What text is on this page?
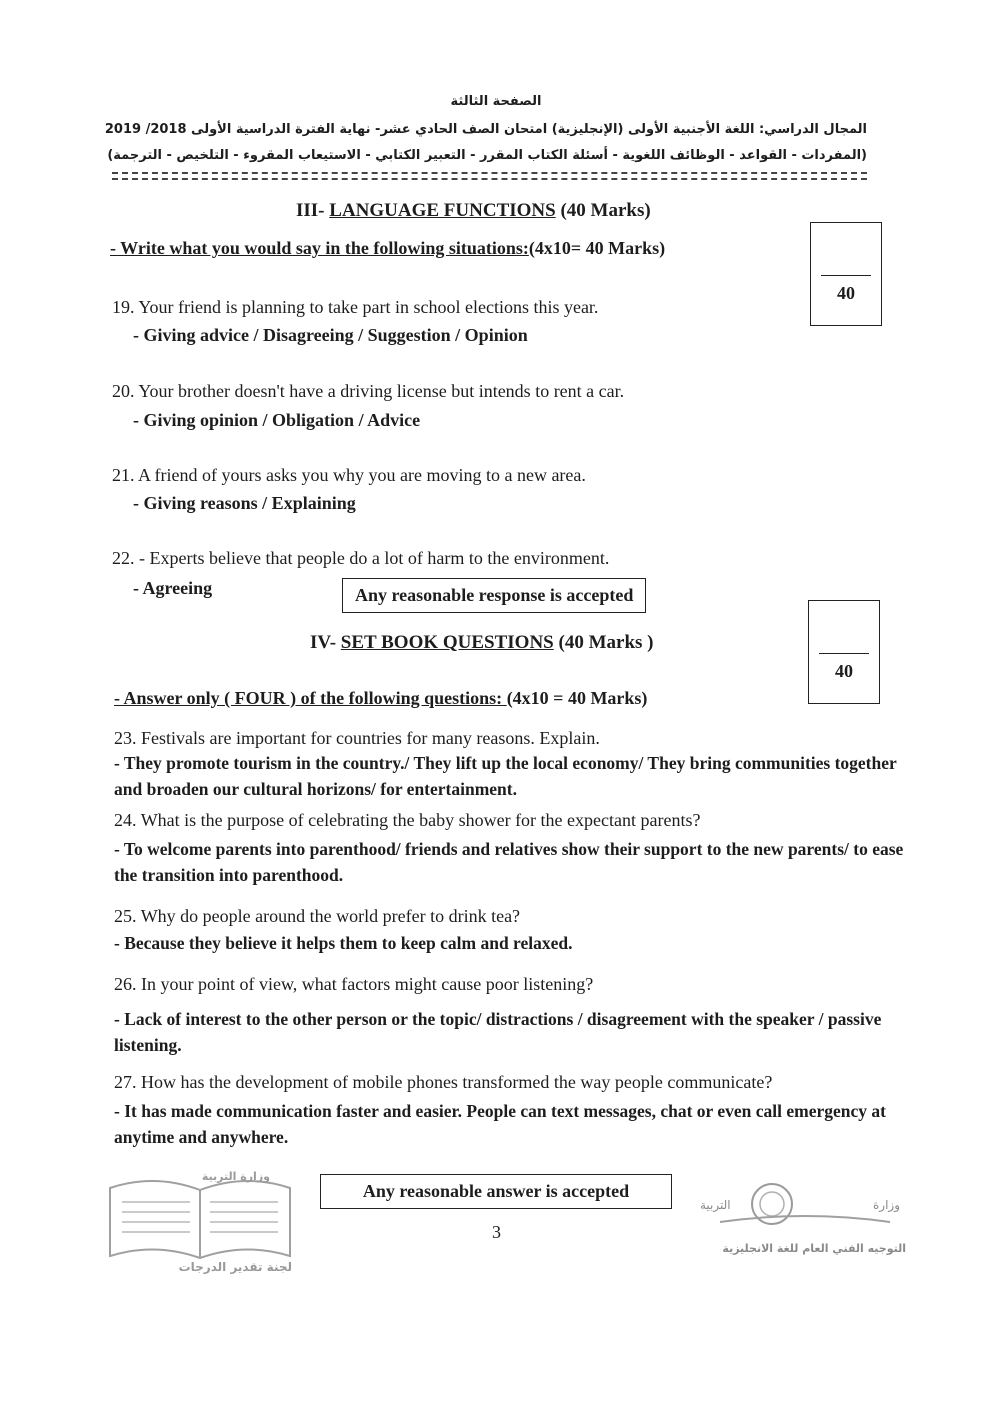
الصفحة الثالثة
المجال الدراسي: اللغة الأجنبية الأولى (الإنجليزية) امتحان الصف الحادي عشر- نهاية الفترة الدراسية الأولى 2018/ 2019
(المفردات - القواعد - الوظائف اللغوية - أسئلة الكتاب المقرر - التعبير الكتابي - الاستيعاب المقروء - التلخيص - الترجمة)
III- LANGUAGE FUNCTIONS (40 Marks)
- Write what you would say in the following situations:(4x10= 40 Marks)
40
19. Your friend is planning to take part in school elections this year.
- Giving advice / Disagreeing / Suggestion / Opinion
20. Your brother doesn't have a driving license but intends to rent a car.
- Giving opinion / Obligation / Advice
21. A friend of yours asks you why you are moving to a new area.
- Giving reasons / Explaining
22. - Experts believe that people do a lot of harm to the environment.
- Agreeing	Any reasonable response is accepted
IV- SET BOOK QUESTIONS (40 Marks )
40
- Answer only ( FOUR ) of the following questions: (4x10 = 40 Marks)
23. Festivals are important for countries for many reasons. Explain.
- They promote tourism in the country./ They lift up the local economy/ They bring communities together and broaden our cultural horizons/ for entertainment.
24. What is the purpose of celebrating the baby shower for the expectant parents?
- To welcome parents into parenthood/ friends and relatives show their support to the new parents/ to ease the transition into parenthood.
25. Why do people around the world prefer to drink tea?
- Because they believe it helps them to keep calm and relaxed.
26. In your point of view, what factors might cause poor listening?
- Lack of interest to the other person or the topic/ distractions / disagreement with the speaker / passive listening.
27. How has the development of mobile phones transformed the way people communicate?
- It has made communication faster and easier. People can text messages, chat or even call emergency at anytime and anywhere.
Any reasonable answer is accepted
3
وزارة التربية
لجنة تقدير الدرجات
التربية	وزارة
التوجيه الفني العام للغة الانجليزية
